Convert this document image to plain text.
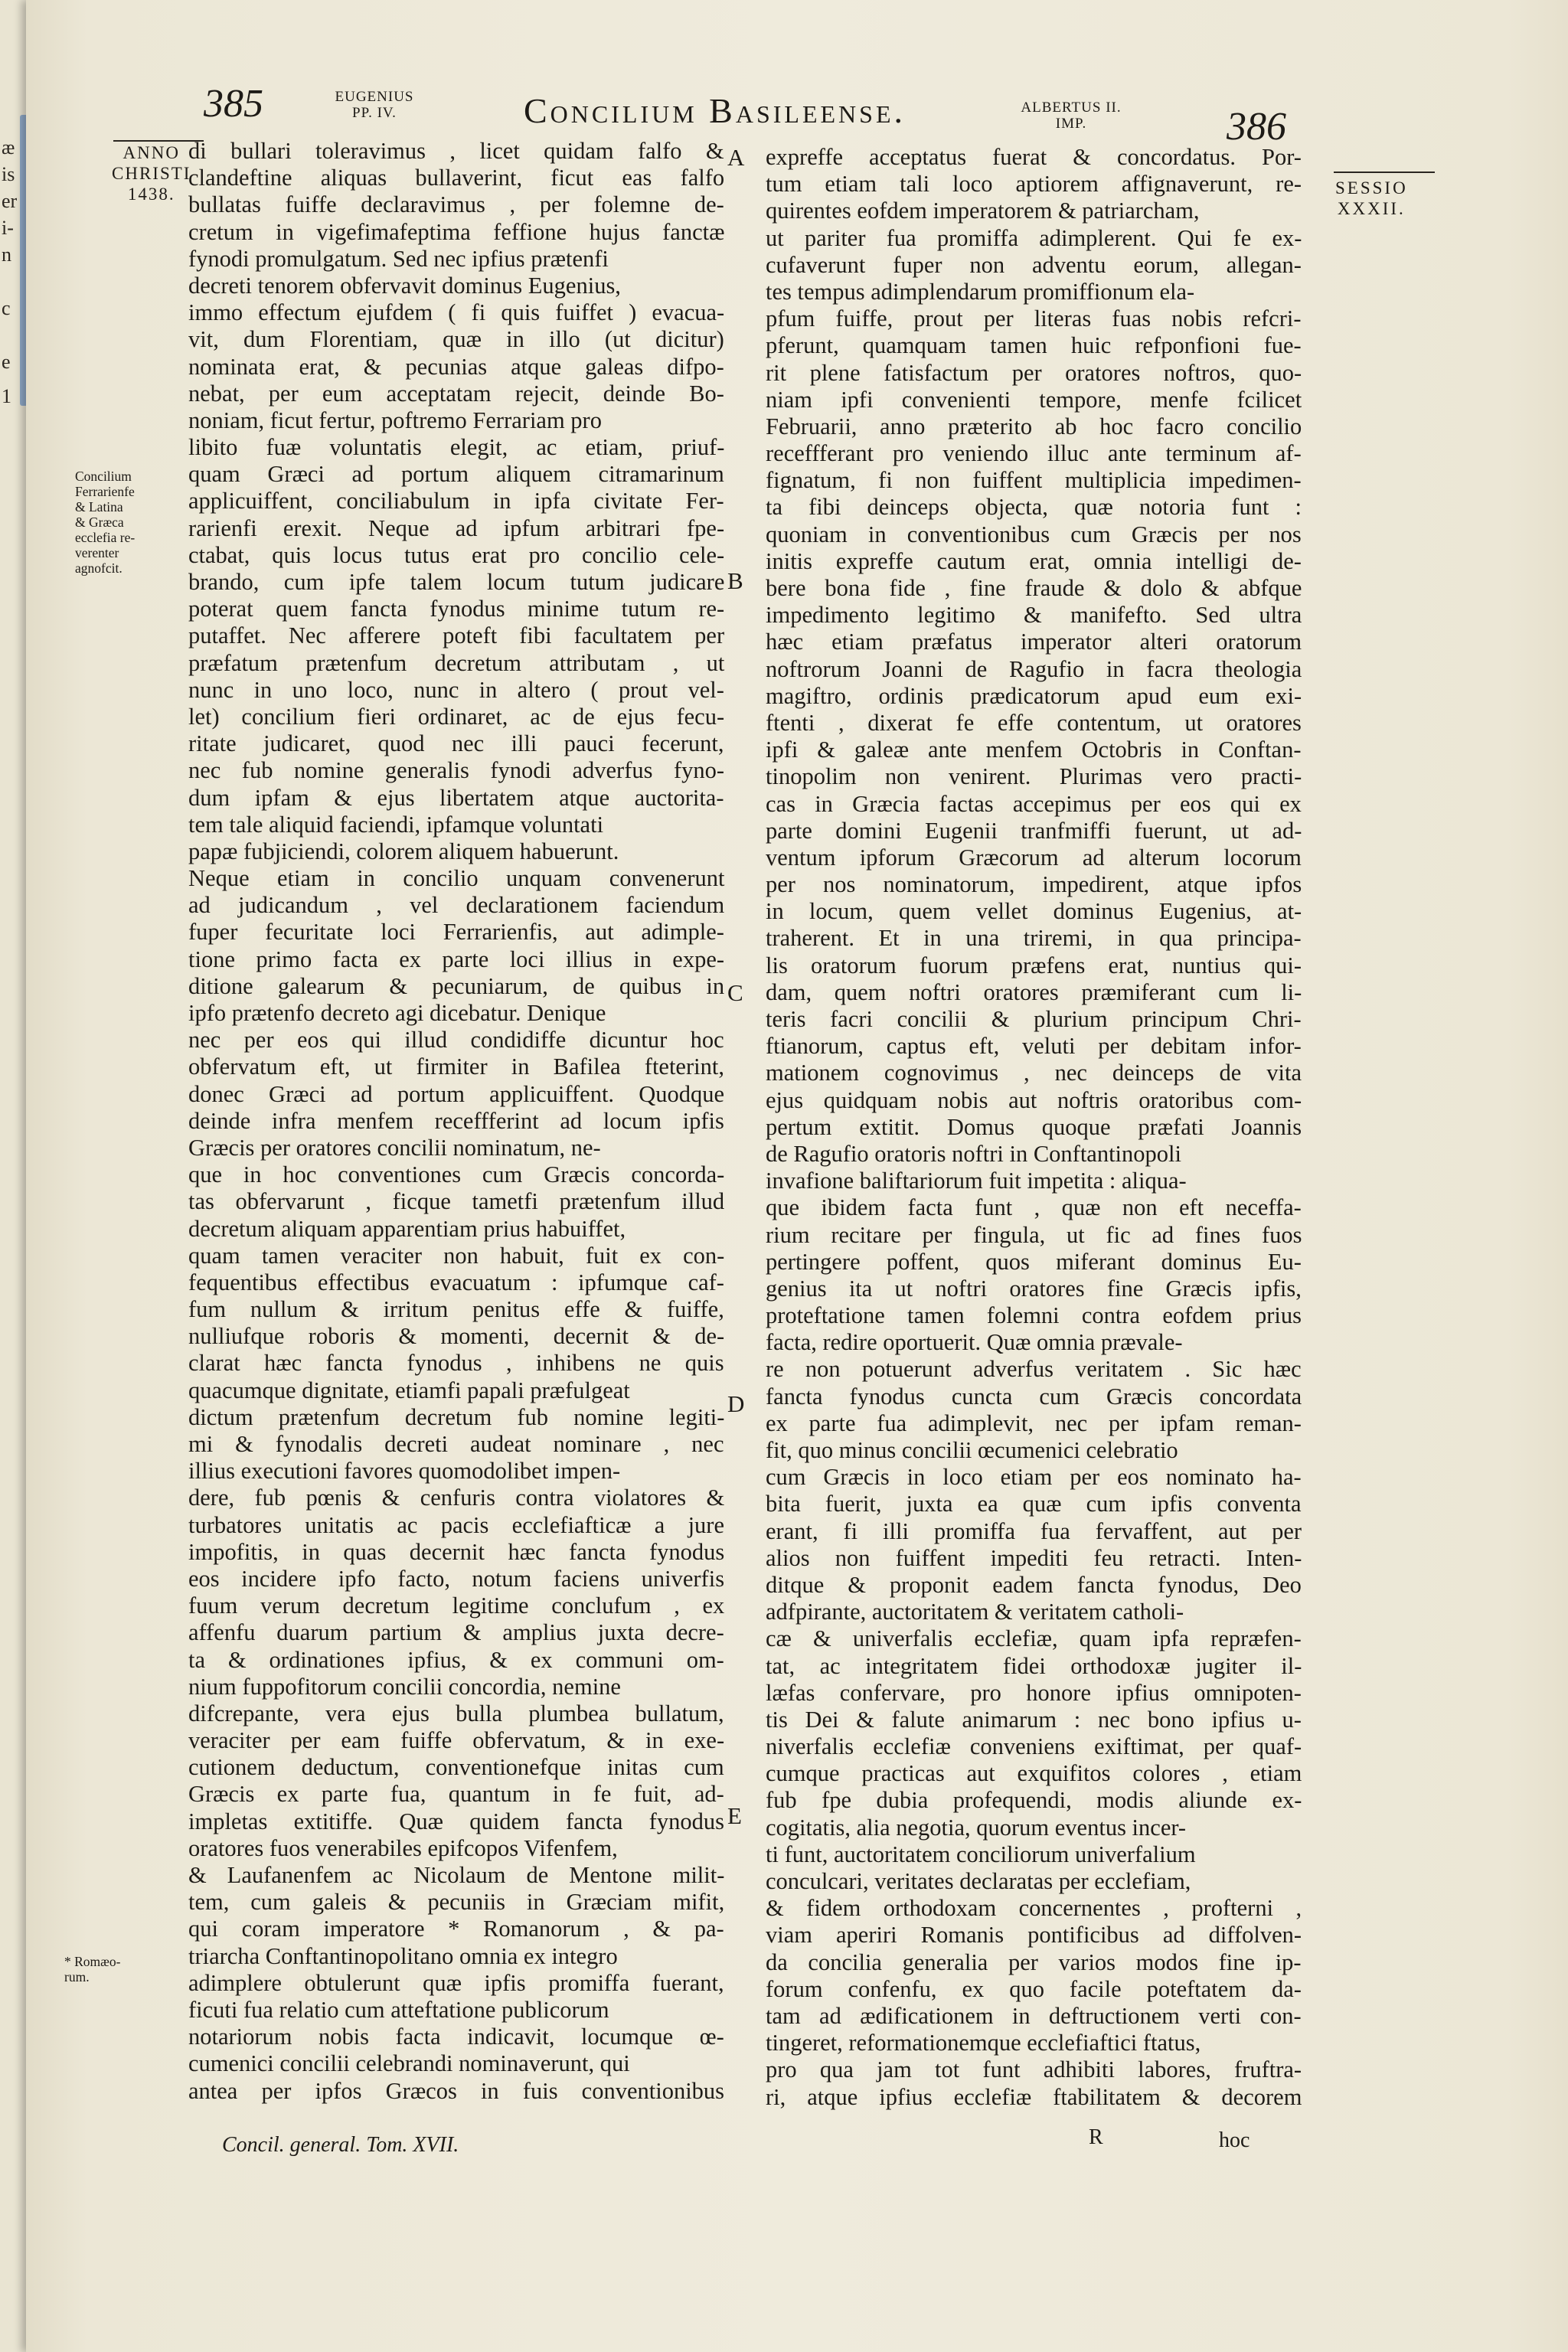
æ
is
er
i-
n
c
e
1
385	EUGENIUS
PP. IV.	Concilium Basileense.	ALBERTUS II.
IMP.	386
ANNO
CHRISTI
1438.
Concilium
Ferrarienfe
& Latina
& Græca
ecclefia re-
verenter
agnofcit.
* Romæo-
rum.
SESSIO
XXXII.
A
B
C
D
E
di bullari toleravimus , licet quidam falfo &
clandeftine aliquas bullaverint, ficut eas falfo
bullatas fuiffe declaravimus , per folemne de-
cretum in vigefimafeptima feffione hujus fanctæ
fynodi promulgatum. Sed nec ipfius prætenfi
decreti tenorem obfervavit dominus Eugenius,
immo effectum ejufdem ( fi quis fuiffet ) evacua-
vit, dum Florentiam, quæ in illo (ut dicitur)
nominata erat, & pecunias atque galeas difpo-
nebat, per eum acceptatam rejecit, deinde Bo-
noniam, ficut fertur, poftremo Ferrariam pro
libito fuæ voluntatis elegit, ac etiam, priuf-
quam Græci ad portum aliquem citramarinum
applicuiffent, conciliabulum in ipfa civitate Fer-
rarienfi erexit. Neque ad ipfum arbitrari fpe-
ctabat, quis locus tutus erat pro concilio cele-
brando, cum ipfe talem locum tutum judicare
poterat quem fancta fynodus minime tutum re-
putaffet. Nec afferere poteft fibi facultatem per
præfatum prætenfum decretum attributam , ut
nunc in uno loco, nunc in altero ( prout vel-
let) concilium fieri ordinaret, ac de ejus fecu-
ritate judicaret, quod nec illi pauci fecerunt,
nec fub nomine generalis fynodi adverfus fyno-
dum ipfam & ejus libertatem atque auctorita-
tem tale aliquid faciendi, ipfamque voluntati
papæ fubjiciendi, colorem aliquem habuerunt.
Neque etiam in concilio unquam convenerunt
ad judicandum , vel declarationem faciendum
fuper fecuritate loci Ferrarienfis, aut adimple-
tione primo facta ex parte loci illius in expe-
ditione galearum & pecuniarum, de quibus in
ipfo prætenfo decreto agi dicebatur. Denique
nec per eos qui illud condidiffe dicuntur hoc
obfervatum eft, ut firmiter in Bafilea fteterint,
donec Græci ad portum applicuiffent. Quodque
deinde infra menfem receffferint ad locum ipfis
Græcis per oratores concilii nominatum, ne-
que in hoc conventiones cum Græcis concorda-
tas obfervarunt , ficque tametfi prætenfum illud
decretum aliquam apparentiam prius habuiffet,
quam tamen veraciter non habuit, fuit ex con-
fequentibus effectibus evacuatum : ipfumque caf-
fum nullum & irritum penitus effe & fuiffe,
nulliufque roboris & momenti, decernit & de-
clarat hæc fancta fynodus , inhibens ne quis
quacumque dignitate, etiamfi papali præfulgeat
dictum prætenfum decretum fub nomine legiti-
mi & fynodalis decreti audeat nominare , nec
illius executioni favores quomodolibet impen-
dere, fub pœnis & cenfuris contra violatores &
turbatores unitatis ac pacis ecclefiafticæ a jure
impofitis, in quas decernit hæc fancta fynodus
eos incidere ipfo facto, notum faciens univerfis
fuum verum decretum legitime conclufum , ex
affenfu duarum partium & amplius juxta decre-
ta & ordinationes ipfius, & ex communi om-
nium fuppofitorum concilii concordia, nemine
difcrepante, vera ejus bulla plumbea bullatum,
veraciter per eam fuiffe obfervatum, & in exe-
cutionem deductum, conventionefque initas cum
Græcis ex parte fua, quantum in fe fuit, ad-
impletas extitiffe. Quæ quidem fancta fynodus
oratores fuos venerabiles epifcopos Vifenfem,
& Laufanenfem ac Nicolaum de Mentone milit-
tem, cum galeis & pecuniis in Græciam mifit,
qui coram imperatore * Romanorum , & pa-
triarcha Conftantinopolitano omnia ex integro
adimplere obtulerunt quæ ipfis promiffa fuerant,
ficuti fua relatio cum atteftatione publicorum
notariorum nobis facta indicavit, locumque œ-
cumenici concilii celebrandi nominaverunt, qui
antea per ipfos Græcos in fuis conventionibus
expreffe acceptatus fuerat & concordatus. Por-
tum etiam tali loco aptiorem affignaverunt, re-
quirentes eofdem imperatorem & patriarcham,
ut pariter fua promiffa adimplerent. Qui fe ex-
cufaverunt fuper non adventu eorum, allegan-
tes tempus adimplendarum promiffionum ela-
pfum fuiffe, prout per literas fuas nobis refcri-
pferunt, quamquam tamen huic refponfioni fue-
rit plene fatisfactum per oratores noftros, quo-
niam ipfi convenienti tempore, menfe fcilicet
Februarii, anno præterito ab hoc facro concilio
receffferant pro veniendo illuc ante terminum af-
fignatum, fi non fuiffent multiplicia impedimen-
ta fibi deinceps objecta, quæ notoria funt :
quoniam in conventionibus cum Græcis per nos
initis expreffe cautum erat, omnia intelligi de-
bere bona fide , fine fraude & dolo & abfque
impedimento legitimo & manifefto. Sed ultra
hæc etiam præfatus imperator alteri oratorum
noftrorum Joanni de Ragufio in facra theologia
magiftro, ordinis prædicatorum apud eum exi-
ftenti , dixerat fe effe contentum, ut oratores
ipfi & galeæ ante menfem Octobris in Conftan-
tinopolim non venirent. Plurimas vero practi-
cas in Græcia factas accepimus per eos qui ex
parte domini Eugenii tranfmiffi fuerunt, ut ad-
ventum ipforum Græcorum ad alterum locorum
per nos nominatorum, impedirent, atque ipfos
in locum, quem vellet dominus Eugenius, at-
traherent. Et in una triremi, in qua principa-
lis oratorum fuorum præfens erat, nuntius qui-
dam, quem noftri oratores præmiferant cum li-
teris facri concilii & plurium principum Chri-
ftianorum, captus eft, veluti per debitam infor-
mationem cognovimus , nec deinceps de vita
ejus quidquam nobis aut noftris oratoribus com-
pertum extitit. Domus quoque præfati Joannis
de Ragufio oratoris noftri in Conftantinopoli
invafione baliftariorum fuit impetita : aliqua-
que ibidem facta funt , quæ non eft neceffa-
rium recitare per fingula, ut fic ad fines fuos
pertingere poffent, quos miferant dominus Eu-
genius ita ut noftri oratores fine Græcis ipfis,
proteftatione tamen folemni contra eofdem prius
facta, redire oportuerit. Quæ omnia prævale-
re non potuerunt adverfus veritatem . Sic hæc
fancta fynodus cuncta cum Græcis concordata
ex parte fua adimplevit, nec per ipfam reman-
fit, quo minus concilii œcumenici celebratio
cum Græcis in loco etiam per eos nominato ha-
bita fuerit, juxta ea quæ cum ipfis conventa
erant, fi illi promiffa fua fervaffent, aut per
alios non fuiffent impediti feu retracti. Inten-
ditque & proponit eadem fancta fynodus, Deo
adfpirante, auctoritatem & veritatem catholi-
cæ & univerfalis ecclefiæ, quam ipfa repræfen-
tat, ac integritatem fidei orthodoxæ jugiter il-
læfas confervare, pro honore ipfius omnipoten-
tis Dei & falute animarum : nec bono ipfius u-
niverfalis ecclefiæ conveniens exiftimat, per quaf-
cumque practicas aut exquifitos colores , etiam
fub fpe dubia profequendi, modis aliunde ex-
cogitatis, alia negotia, quorum eventus incer-
ti funt, auctoritatem conciliorum univerfalium
conculcari, veritates declaratas per ecclefiam,
& fidem orthodoxam concernentes , profterni ,
viam aperiri Romanis pontificibus ad diffolven-
da concilia generalia per varios modos fine ip-
forum confenfu, ex quo facile poteftatem da-
tam ad ædificationem in deftructionem verti con-
tingeret, reformationemque ecclefiaftici ftatus,
pro qua jam tot funt adhibiti labores, fruftra-
ri, atque ipfius ecclefiæ ftabilitatem & decorem
Concil. general. Tom. XVII.	R	hoc
